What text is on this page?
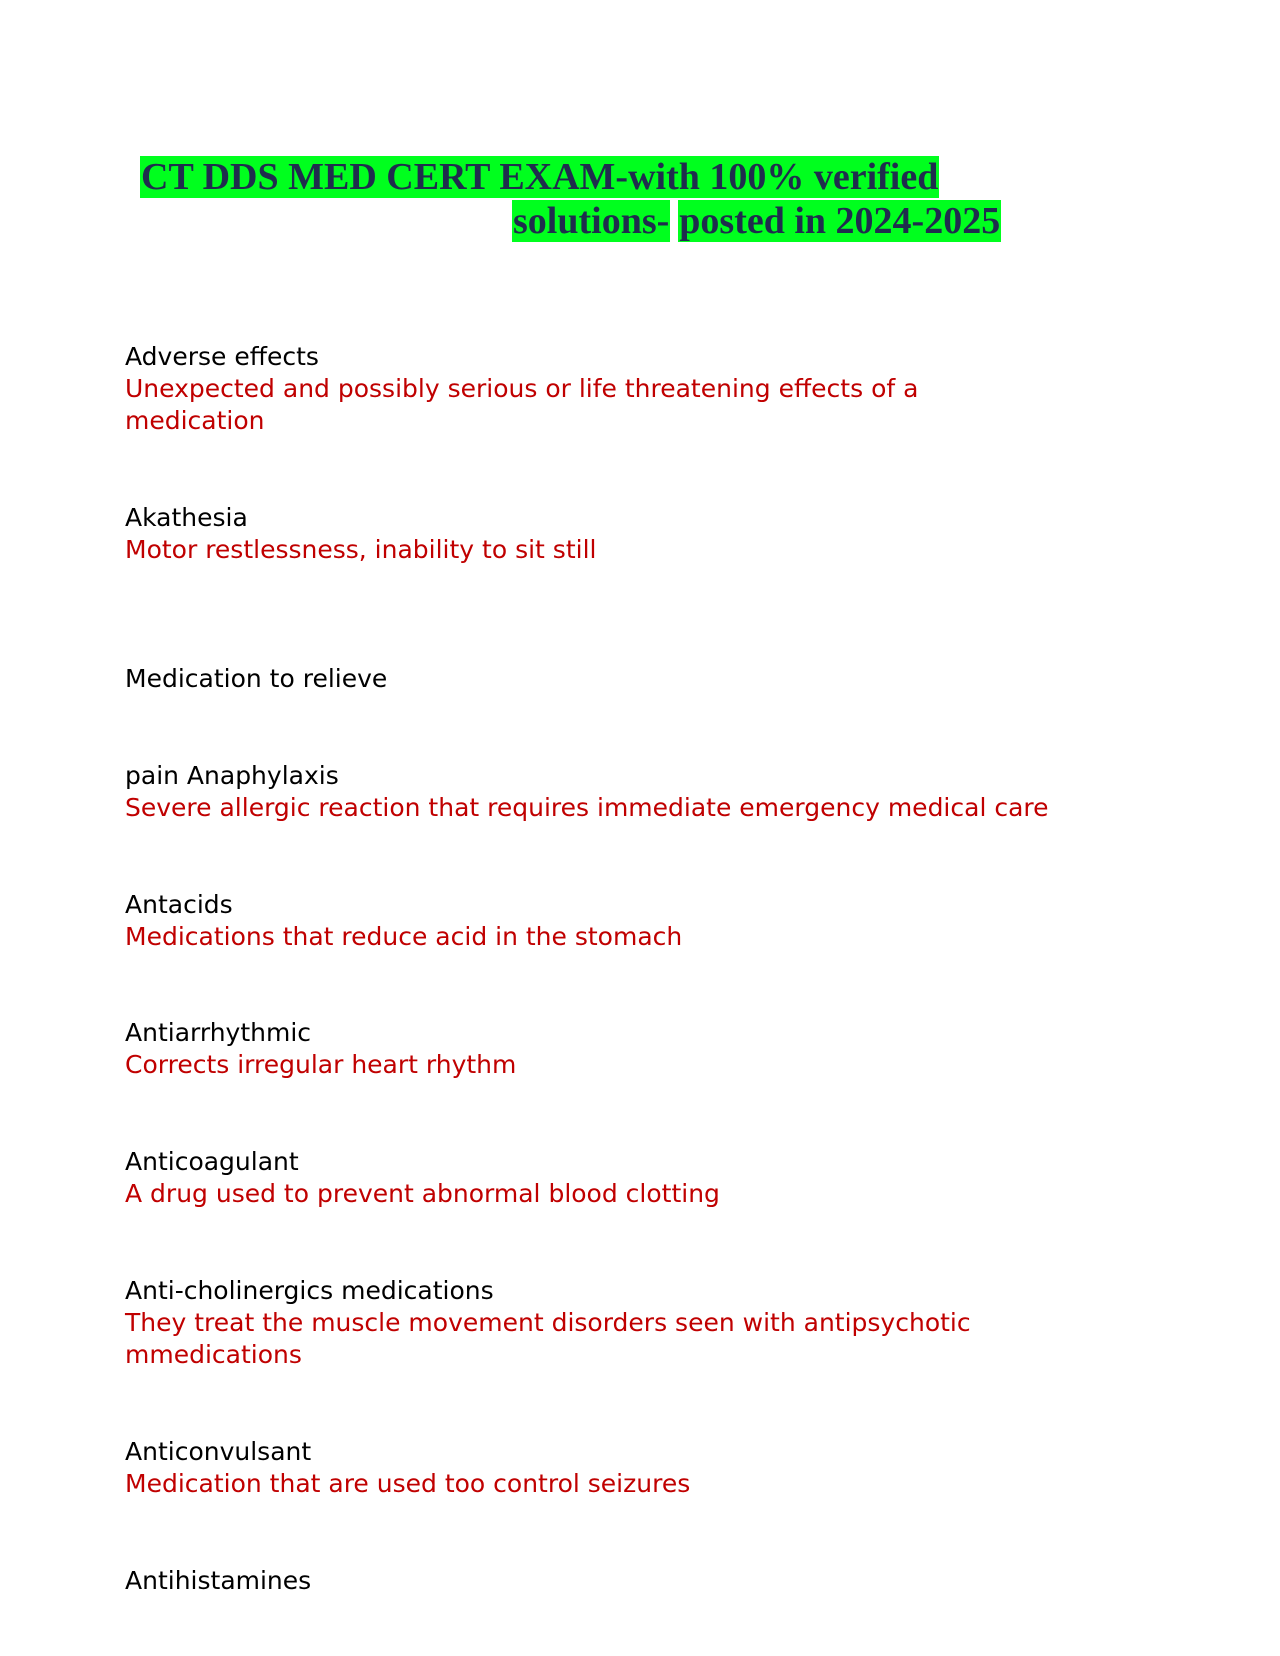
CT DDS MED CERT EXAM-with 100% verified
solutions- posted in 2024-2025
Adverse effects
Unexpected and possibly serious or life threatening effects of a
medication
Akathesia
Motor restlessness, inability to sit still
Medication to relieve
pain Anaphylaxis
Severe allergic reaction that requires immediate emergency medical care
Antacids
Medications that reduce acid in the stomach
Antiarrhythmic
Corrects irregular heart rhythm
Anticoagulant
A drug used to prevent abnormal blood clotting
Anti-cholinergics medications
They treat the muscle movement disorders seen with antipsychotic
mmedications
Anticonvulsant
Medication that are used too control seizures
Antihistamines
